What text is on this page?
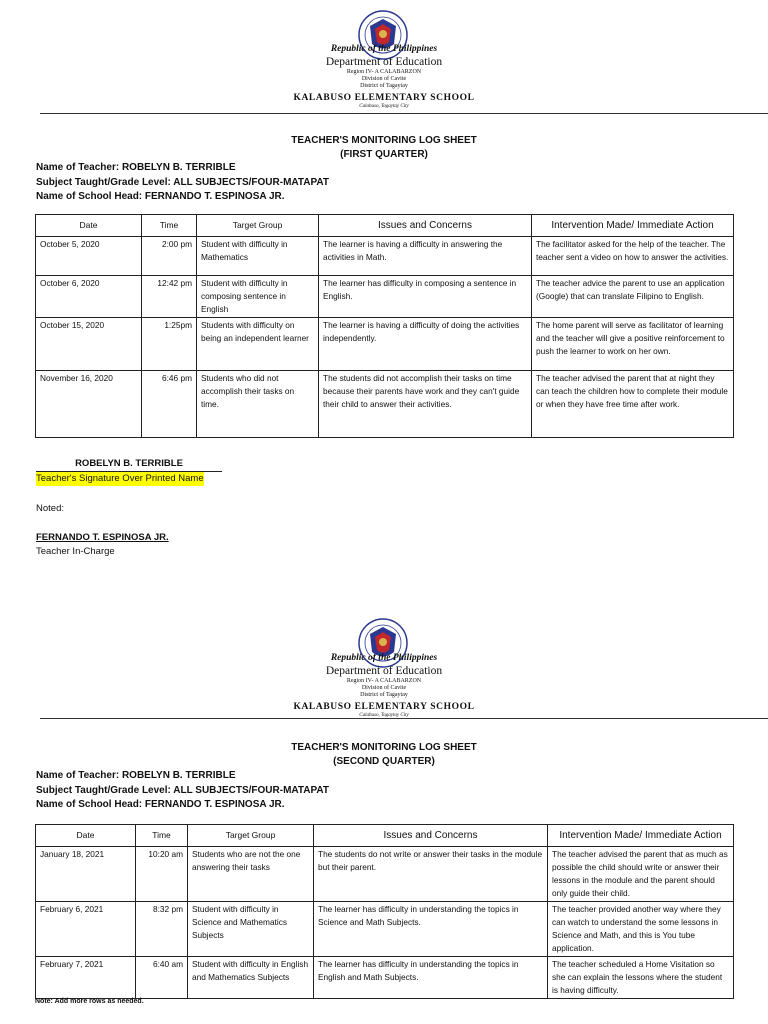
Republic of the Philippines
Department of Education
Region IV- A CALABARZON
Division of Cavite
District of Tagaytay
KALABUSO ELEMENTARY SCHOOL
Calabuso, Tagaytay City
TEACHER'S MONITORING LOG SHEET
(FIRST QUARTER)
Name of Teacher: ROBELYN B. TERRIBLE
Subject Taught/Grade Level: ALL SUBJECTS/FOUR-MATAPAT
Name of School Head: FERNANDO T. ESPINOSA JR.
Date	Time	Target Group	Issues and Concerns	Intervention Made/ Immediate Action
October 5, 2020	2:00 pm	Student with difficulty in Mathematics	The learner is having a difficulty in answering the activities in Math.	The facilitator asked for the help of the teacher. The teacher sent a video on how to answer the activities.
October 6, 2020	12:42 pm	Student with difficulty in composing sentence in English	The learner has difficulty in composing a sentence in English.	The teacher advice the parent to use an application (Google) that can translate Filipino to English.
October 15, 2020	1:25pm	Students with difficulty on being an independent learner	The learner is having a difficulty of doing the activities independently.	The home parent will serve as facilitator of learning and the teacher will give a positive reinforcement to push the learner to work on her own.
November 16, 2020	6:46 pm	Students who did not accomplish their tasks on time.	The students did not accomplish their tasks on time because their parents have work and they can't guide their child to answer their activities.	The teacher advised the parent that at night they can teach the children how to complete their module or when they have free time after work.
ROBELYN B. TERRIBLE
Teacher's Signature Over Printed Name
Noted:
FERNANDO T. ESPINOSA JR.
Teacher In-Charge
Republic of the Philippines
Department of Education
Region IV- A CALABARZON
Division of Cavite
District of Tagaytay
KALABUSO ELEMENTARY SCHOOL
Calabuso, Tagaytay City
TEACHER'S MONITORING LOG SHEET
(SECOND QUARTER)
Name of Teacher: ROBELYN B. TERRIBLE
Subject Taught/Grade Level: ALL SUBJECTS/FOUR-MATAPAT
Name of School Head: FERNANDO T. ESPINOSA JR.
Date	Time	Target Group	Issues and Concerns	Intervention Made/ Immediate Action
January 18, 2021	10:20 am	Students who are not the one answering their tasks	The students do not write or answer their tasks in the module but their parent.	The teacher advised the parent that as much as possible the child should write or answer their lessons in the module and the parent should only guide their child.
February 6, 2021	8:32 pm	Student with difficulty in Science and Mathematics Subjects	The learner has difficulty in understanding the topics in Science and Math Subjects.	The teacher provided another way where they can watch to understand the some lessons in Science and Math, and this is You tube application.
February 7, 2021	6:40 am	Student with difficulty in English and Mathematics Subjects	The learner has difficulty in understanding the topics in English and Math Subjects.	The teacher scheduled a Home Visitation so she can explain the lessons where the student is having difficulty.
Note: Add more rows as needed.
